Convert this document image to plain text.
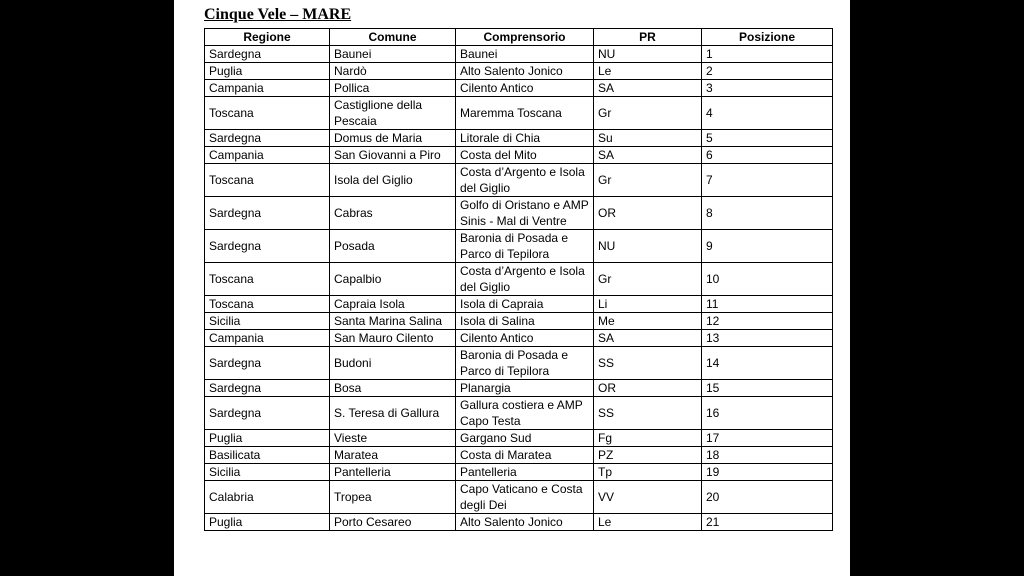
Cinque Vele – MARE
Regione	Comune	Comprensorio	PR	Posizione
Sardegna	Baunei	Baunei	NU	1
Puglia	Nardò	Alto Salento Jonico	Le	2
Campania	Pollica	Cilento Antico	SA	3
Toscana	Castiglione della Pescaia	Maremma Toscana	Gr	4
Sardegna	Domus de Maria	Litorale di Chia	Su	5
Campania	San Giovanni a Piro	Costa del Mito	SA	6
Toscana	Isola del Giglio	Costa d’Argento e Isola del Giglio	Gr	7
Sardegna	Cabras	Golfo di Oristano e AMP Sinis - Mal di Ventre	OR	8
Sardegna	Posada	Baronia di Posada e Parco di Tepilora	NU	9
Toscana	Capalbio	Costa d’Argento e Isola del Giglio	Gr	10
Toscana	Capraia Isola	Isola di Capraia	Li	11
Sicilia	Santa Marina Salina	Isola di Salina	Me	12
Campania	San Mauro Cilento	Cilento Antico	SA	13
Sardegna	Budoni	Baronia di Posada e Parco di Tepilora	SS	14
Sardegna	Bosa	Planargia	OR	15
Sardegna	S. Teresa di Gallura	Gallura costiera e AMP Capo Testa	SS	16
Puglia	Vieste	Gargano Sud	Fg	17
Basilicata	Maratea	Costa di Maratea	PZ	18
Sicilia	Pantelleria	Pantelleria	Tp	19
Calabria	Tropea	Capo Vaticano e Costa degli Dei	VV	20
Puglia	Porto Cesareo	Alto Salento Jonico	Le	21
